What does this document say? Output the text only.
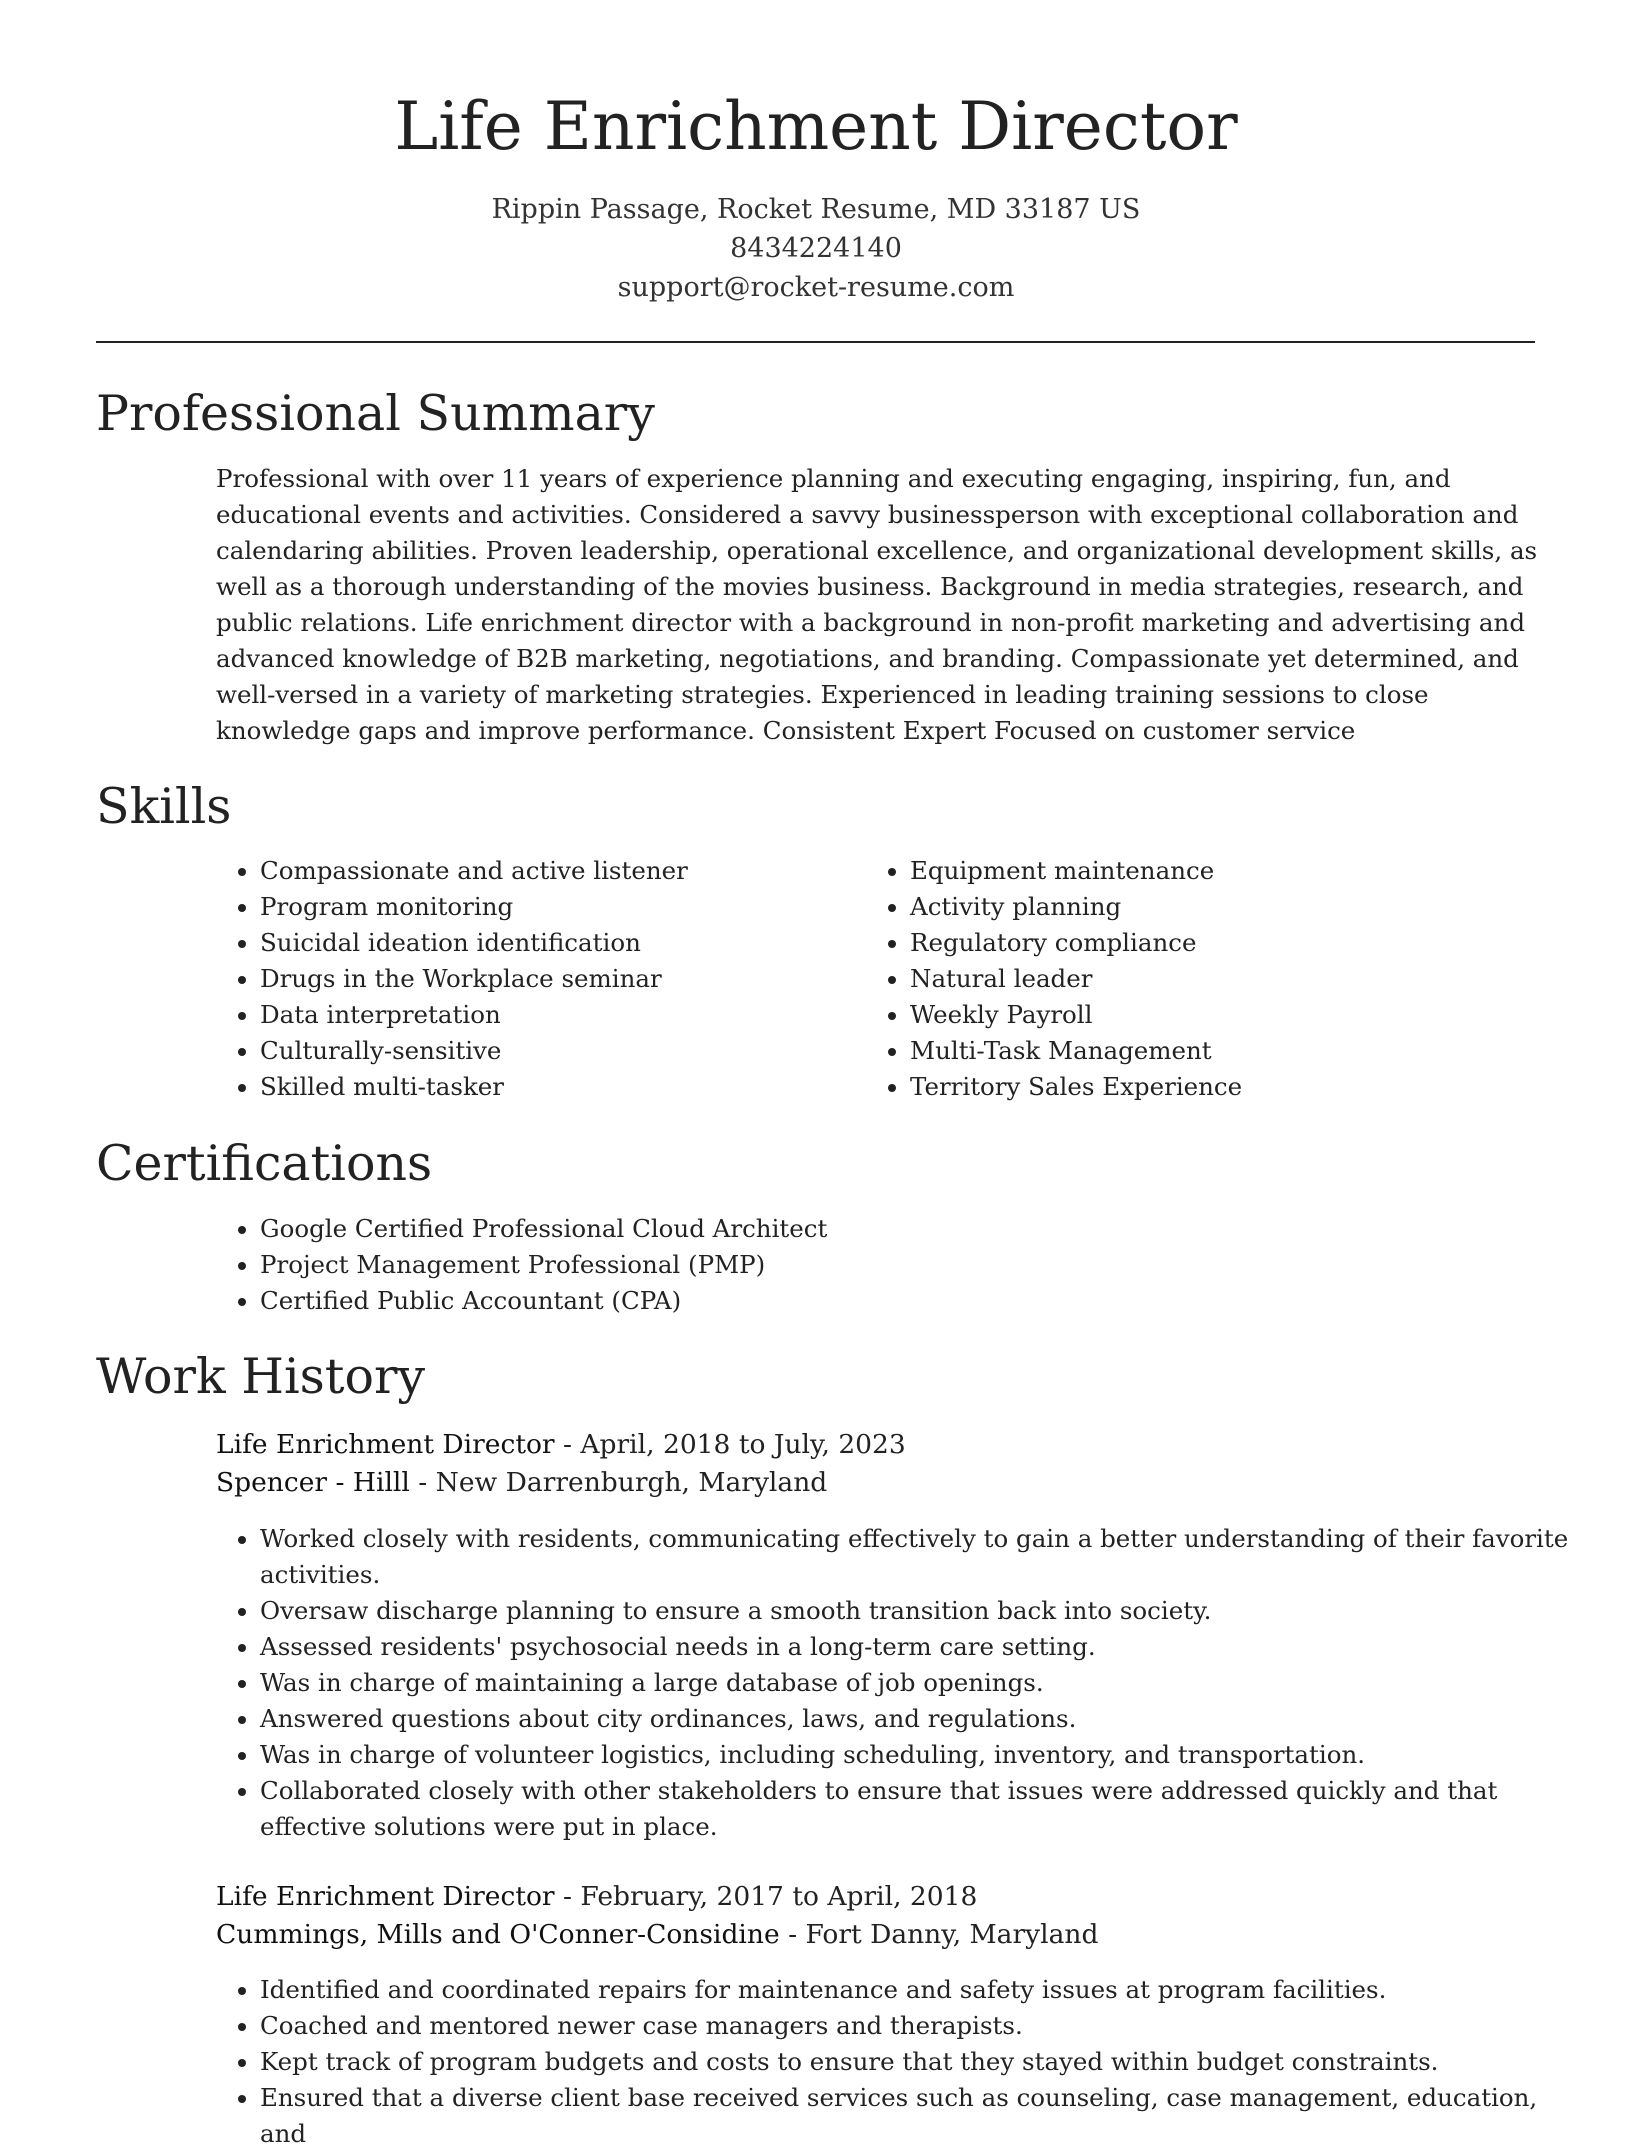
Life Enrichment Director
Rippin Passage, Rocket Resume, MD 33187 US
8434224140
support@rocket-resume.com
Professional Summary

Professional with over 11 years of experience planning and executing engaging, inspiring, fun, and educational events and activities. Considered a savvy businessperson with exceptional collaboration and calendaring abilities. Proven leadership, operational excellence, and organizational development skills, as well as a thorough understanding of the movies business. Background in media strategies, research, and public relations. Life enrichment director with a background in non-profit marketing and advertising and advanced knowledge of B2B marketing, negotiations, and branding. Compassionate yet determined, and well-versed in a variety of marketing strategies. Experienced in leading training sessions to close knowledge gaps and improve performance. Consistent Expert Focused on customer service

Skills
• Compassionate and active listener
• Program monitoring
• Suicidal ideation identification
• Drugs in the Workplace seminar
• Data interpretation
• Culturally-sensitive
• Skilled multi-tasker
• Equipment maintenance
• Activity planning
• Regulatory compliance
• Natural leader
• Weekly Payroll
• Multi-Task Management
• Territory Sales Experience
Certifications
• Google Certified Professional Cloud Architect
• Project Management Professional (PMP)
• Certified Public Accountant (CPA)
Work History
Life Enrichment Director - April, 2018 to July, 2023
Spencer - Hilll - New Darrenburgh, Maryland
• Worked closely with residents, communicating effectively to gain a better understanding of their favorite activities.
• Oversaw discharge planning to ensure a smooth transition back into society.
• Assessed residents' psychosocial needs in a long-term care setting.
• Was in charge of maintaining a large database of job openings.
• Answered questions about city ordinances, laws, and regulations.
• Was in charge of volunteer logistics, including scheduling, inventory, and transportation.
• Collaborated closely with other stakeholders to ensure that issues were addressed quickly and that effective solutions were put in place.
Life Enrichment Director - February, 2017 to April, 2018
Cummings, Mills and O'Conner-Considine - Fort Danny, Maryland
• Identified and coordinated repairs for maintenance and safety issues at program facilities.
• Coached and mentored newer case managers and therapists.
• Kept track of program budgets and costs to ensure that they stayed within budget constraints.
• Ensured that a diverse client base received services such as counseling, case management, education, and
